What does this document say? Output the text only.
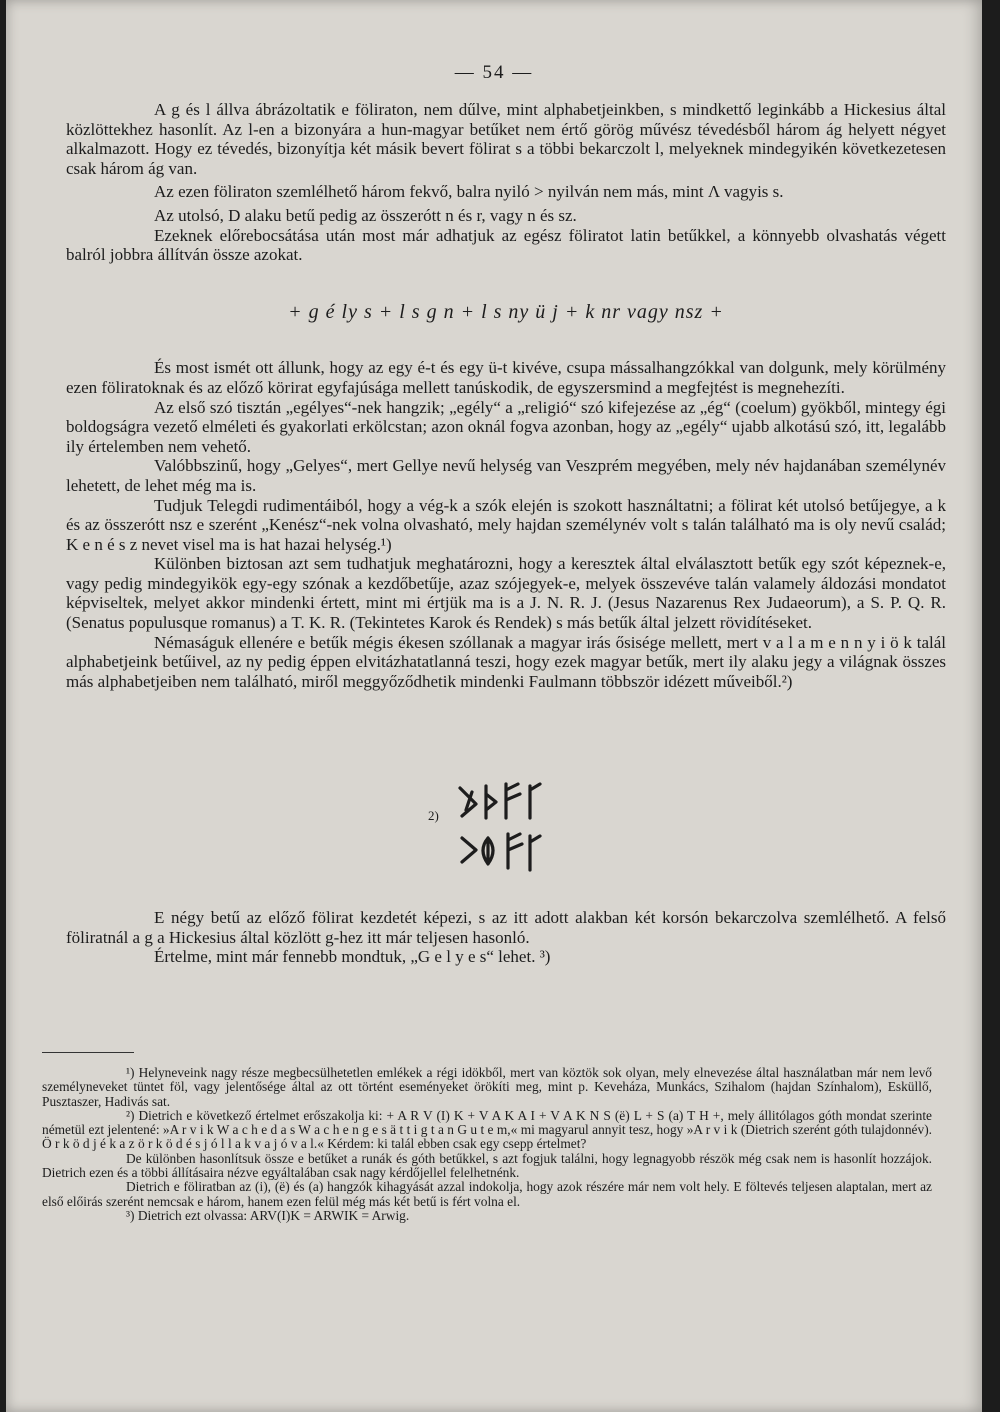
— 54 —

A g és l állva ábrázoltatik e föliraton, nem dűlve, mint alphabetjeinkben, s mindkettő leginkább a Hickesius által közlöttekhez hasonlít. Az l-en a bizonyára a hun-magyar betűket nem értő görög művész tévedésből három ág helyett négyet alkalmazott. Hogy ez tévedés, bizonyítja két másik bevert fölirat s a többi bekarczolt l, melyeknek mindegyikén következetesen csak három ág van.

Az ezen föliraton szemlélhető három fekvő, balra nyiló > nyilván nem más, mint Λ vagyis s.

Az utolsó, D alaku betű pedig az összerótt n és r, vagy n és sz.

Ezeknek előrebocsátása után most már adhatjuk az egész föliratot latin betűkkel, a könnyebb olvashatás végett balról jobbra állítván össze azokat.

+ g é ly s + l s g n + l s ny ü j + k nr vagy nsz +

És most ismét ott állunk, hogy az egy é-t és egy ü-t kivéve, csupa mássalhangzókkal van dolgunk, mely körülmény ezen föliratoknak és az előző körirat egyfajúsága mellett tanúskodik, de egyszersmind a megfejtést is megnehezíti.

Az első szó tisztán „egélyes“-nek hangzik; „egély“ a „religió“ szó kifejezése az „ég“ (coelum) gyökből, mintegy égi boldogságra vezető elméleti és gyakorlati erkölcstan; azon oknál fogva azonban, hogy az „egély“ ujabb alkotású szó, itt, legalább ily értelemben nem vehető.

Valóbbszinű, hogy „Gelyes“, mert Gellye nevű helység van Veszprém megyében, mely név hajdanában személynév lehetett, de lehet még ma is.

Tudjuk Telegdi rudimentáiból, hogy a vég-k a szók elején is szokott használtatni; a fölirat két utolsó betűjegye, a k és az összerótt nsz e szerént „Kenész“-nek volna olvasható, mely hajdan személynév volt s talán található ma is oly nevű család; K e n é s z nevet visel ma is hat hazai helység.¹)

Különben biztosan azt sem tudhatjuk meghatározni, hogy a keresztek által elválasztott betűk egy szót képeznek-e, vagy pedig mindegyikök egy-egy szónak a kezdőbetűje, azaz szójegyek-e, melyek összevéve talán valamely áldozási mondatot képviseltek, melyet akkor mindenki értett, mint mi értjük ma is a J. N. R. J. (Jesus Nazarenus Rex Judaeorum), a S. P. Q. R. (Senatus populusque romanus) a T. K. R. (Tekintetes Karok és Rendek) s más betűk által jelzett rövidítéseket.

Némaságuk ellenére e betűk mégis ékesen szóllanak a magyar irás ősisége mellett, mert v a l a m e n n y i ö k talál alphabetjeink betűivel, az ny pedig éppen elvitázhatatlanná teszi, hogy ezek magyar betűk, mert ily alaku jegy a világnak összes más alphabetjeiben nem található, miről meggyőződhetik mindenki Faulmann többször idézett műveiből.²)

2)

E négy betű az előző fölirat kezdetét képezi, s az itt adott alakban két korsón bekarczolva szemlélhető. A felső föliratnál a g a Hickesius által közlött g-hez itt már teljesen hasonló.

Értelme, mint már fennebb mondtuk, „G e l y e s“ lehet. ³)

¹) Helyneveink nagy része megbecsülhetetlen emlékek a régi idökből, mert van köztök sok olyan, mely elnevezése által használatban már nem levő személyneveket tüntet föl, vagy jelentősége által az ott történt eseményeket örökíti meg, mint p. Keveháza, Munkács, Szihalom (hajdan Színhalom), Esküllő, Pusztaszer, Hadivás sat.

²) Dietrich e következő értelmet erőszakolja ki: + A R V (I) K + V A K A I + V A K N S (ë) L + S (a) T H +, mely állitólagos góth mondat szerinte németül ezt jelentené: »A r v i k W a c h e d a s W a c h e n g e s ä t t i g t a n G u t e m,« mi magyarul annyit tesz, hogy »A r v i k (Dietrich szerént góth tulajdonnév). Ö r k ö d j é k a z ö r k ö d é s j ó l l a k v a j ó v a l.« Kérdem: ki talál ebben csak egy csepp értelmet?

De különben hasonlítsuk össze e betűket a runák és góth betűkkel, s azt fogjuk találni, hogy legnagyobb részök még csak nem is hasonlít hozzájok. Dietrich ezen és a többi állításaira nézve egyáltalában csak nagy kérdőjellel felelhetnénk.

Dietrich e föliratban az (i), (ë) és (a) hangzók kihagyását azzal indokolja, hogy azok részére már nem volt hely. E föltevés teljesen alaptalan, mert az első előirás szerént nemcsak e három, hanem ezen felül még más két betű is fért volna el.

³) Dietrich ezt olvassa: ARV(I)K = ARWIK = Arwig.
